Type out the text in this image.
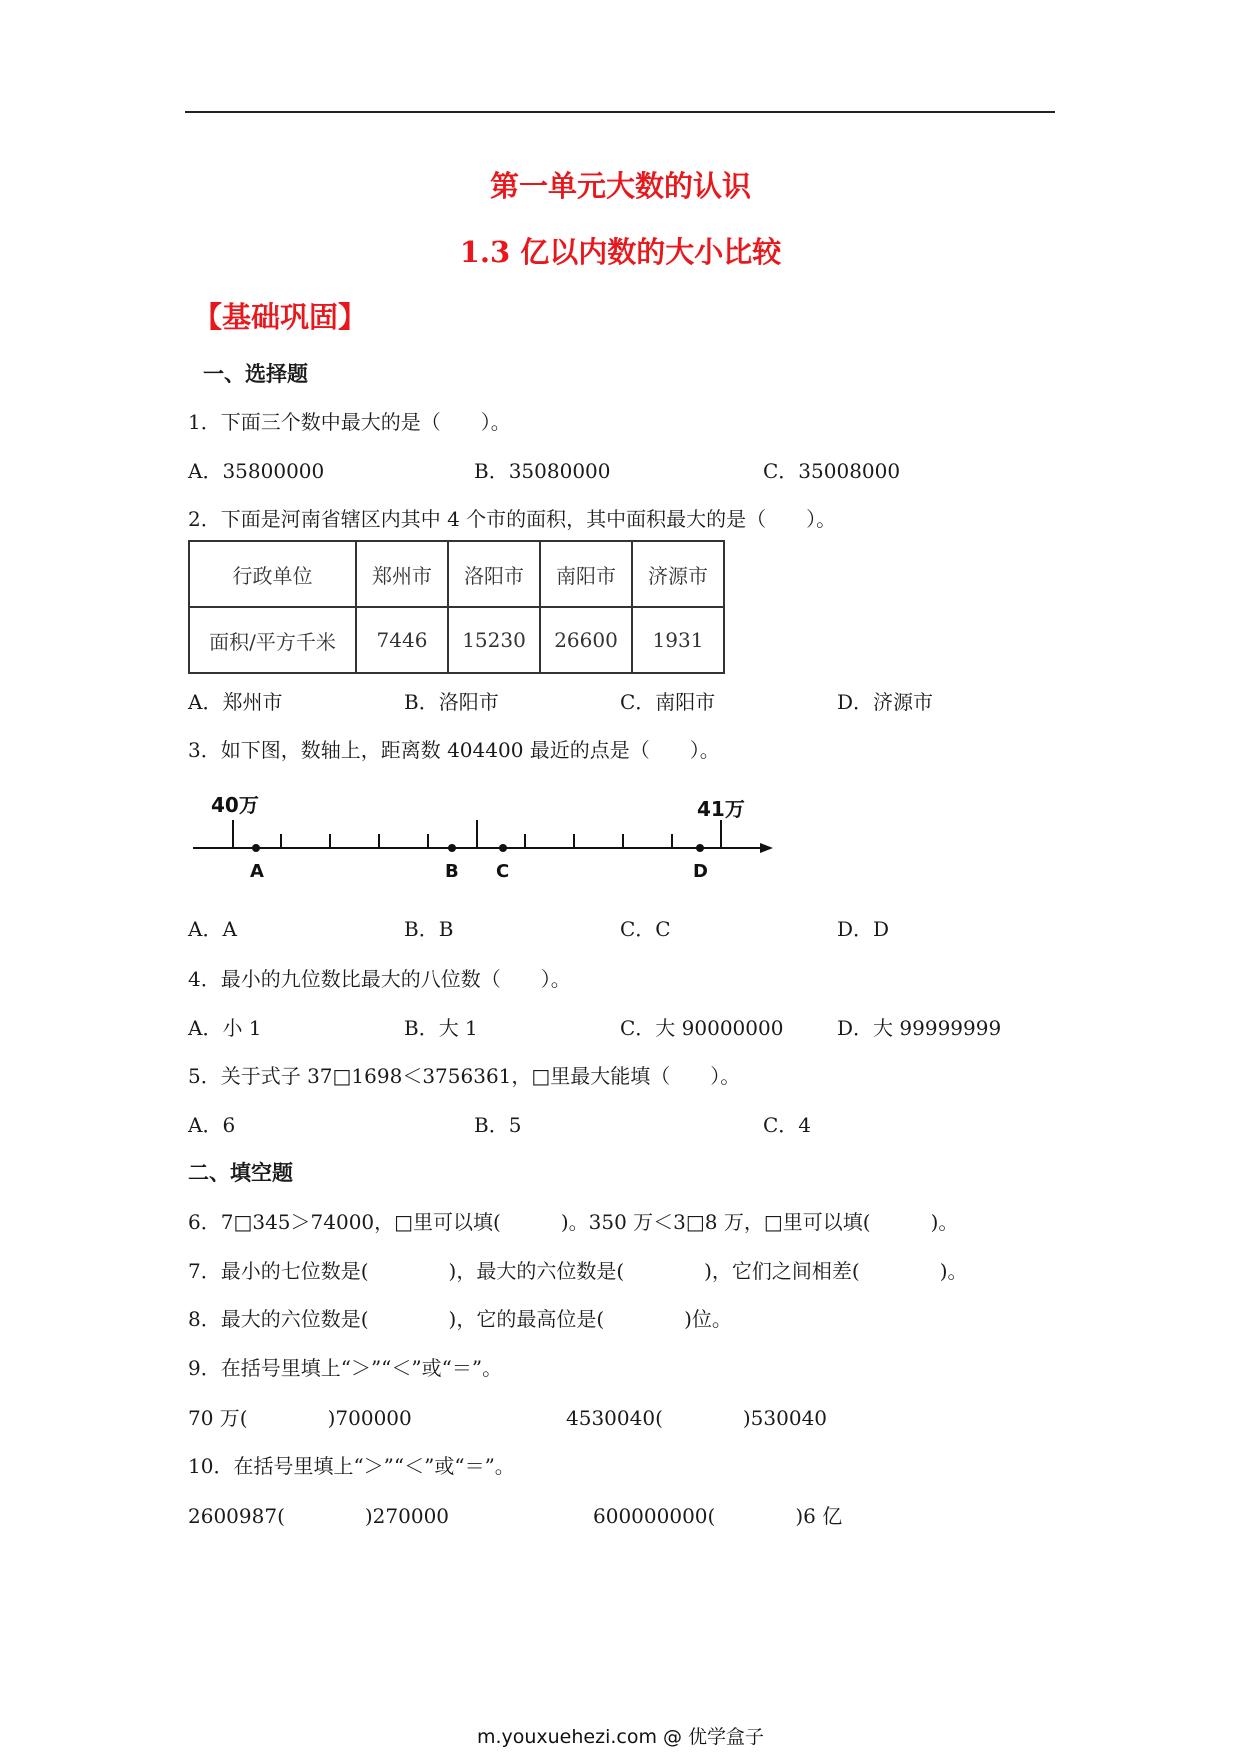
第一单元大数的认识
1.3 亿以内数的大小比较
【基础巩固】
一、选择题
1．下面三个数中最大的是（　　）。
A．35800000	B．35080000	C．35008000
2．下面是河南省辖区内其中 4 个市的面积，其中面积最大的是（　　）。
行政单位	郑州市	洛阳市	南阳市	济源市
面积/平方千米	7446	15230	26600	1931
A．郑州市	B．洛阳市	C．南阳市	D．济源市
3．如下图，数轴上，距离数 404400 最近的点是（　　）。
40万	41万
A	B C	D
A．A	B．B	C．C	D．D
4．最小的九位数比最大的八位数（　　）。
A．小 1	B．大 1	C．大 90000000	D．大 99999999
5．关于式子 37□1698＜3756361，□里最大能填（　　）。
A．6	B．5	C．4
二、填空题
6．7□345＞74000，□里可以填(　　　)。350 万＜3□8 万，□里可以填(　　　)。
7．最小的七位数是(　　　　)，最大的六位数是(　　　　)，它们之间相差(　　　　)。
8．最大的六位数是(　　　　)，它的最高位是(　　　　)位。
9．在括号里填上“＞”“＜”或“＝”。
70 万(　　　　)700000	4530040(　　　　)530040
10．在括号里填上“＞”“＜”或“＝”。
2600987(　　　　)270000	600000000(　　　　)6 亿
m.youxuehezi.com @ 优学盒子
